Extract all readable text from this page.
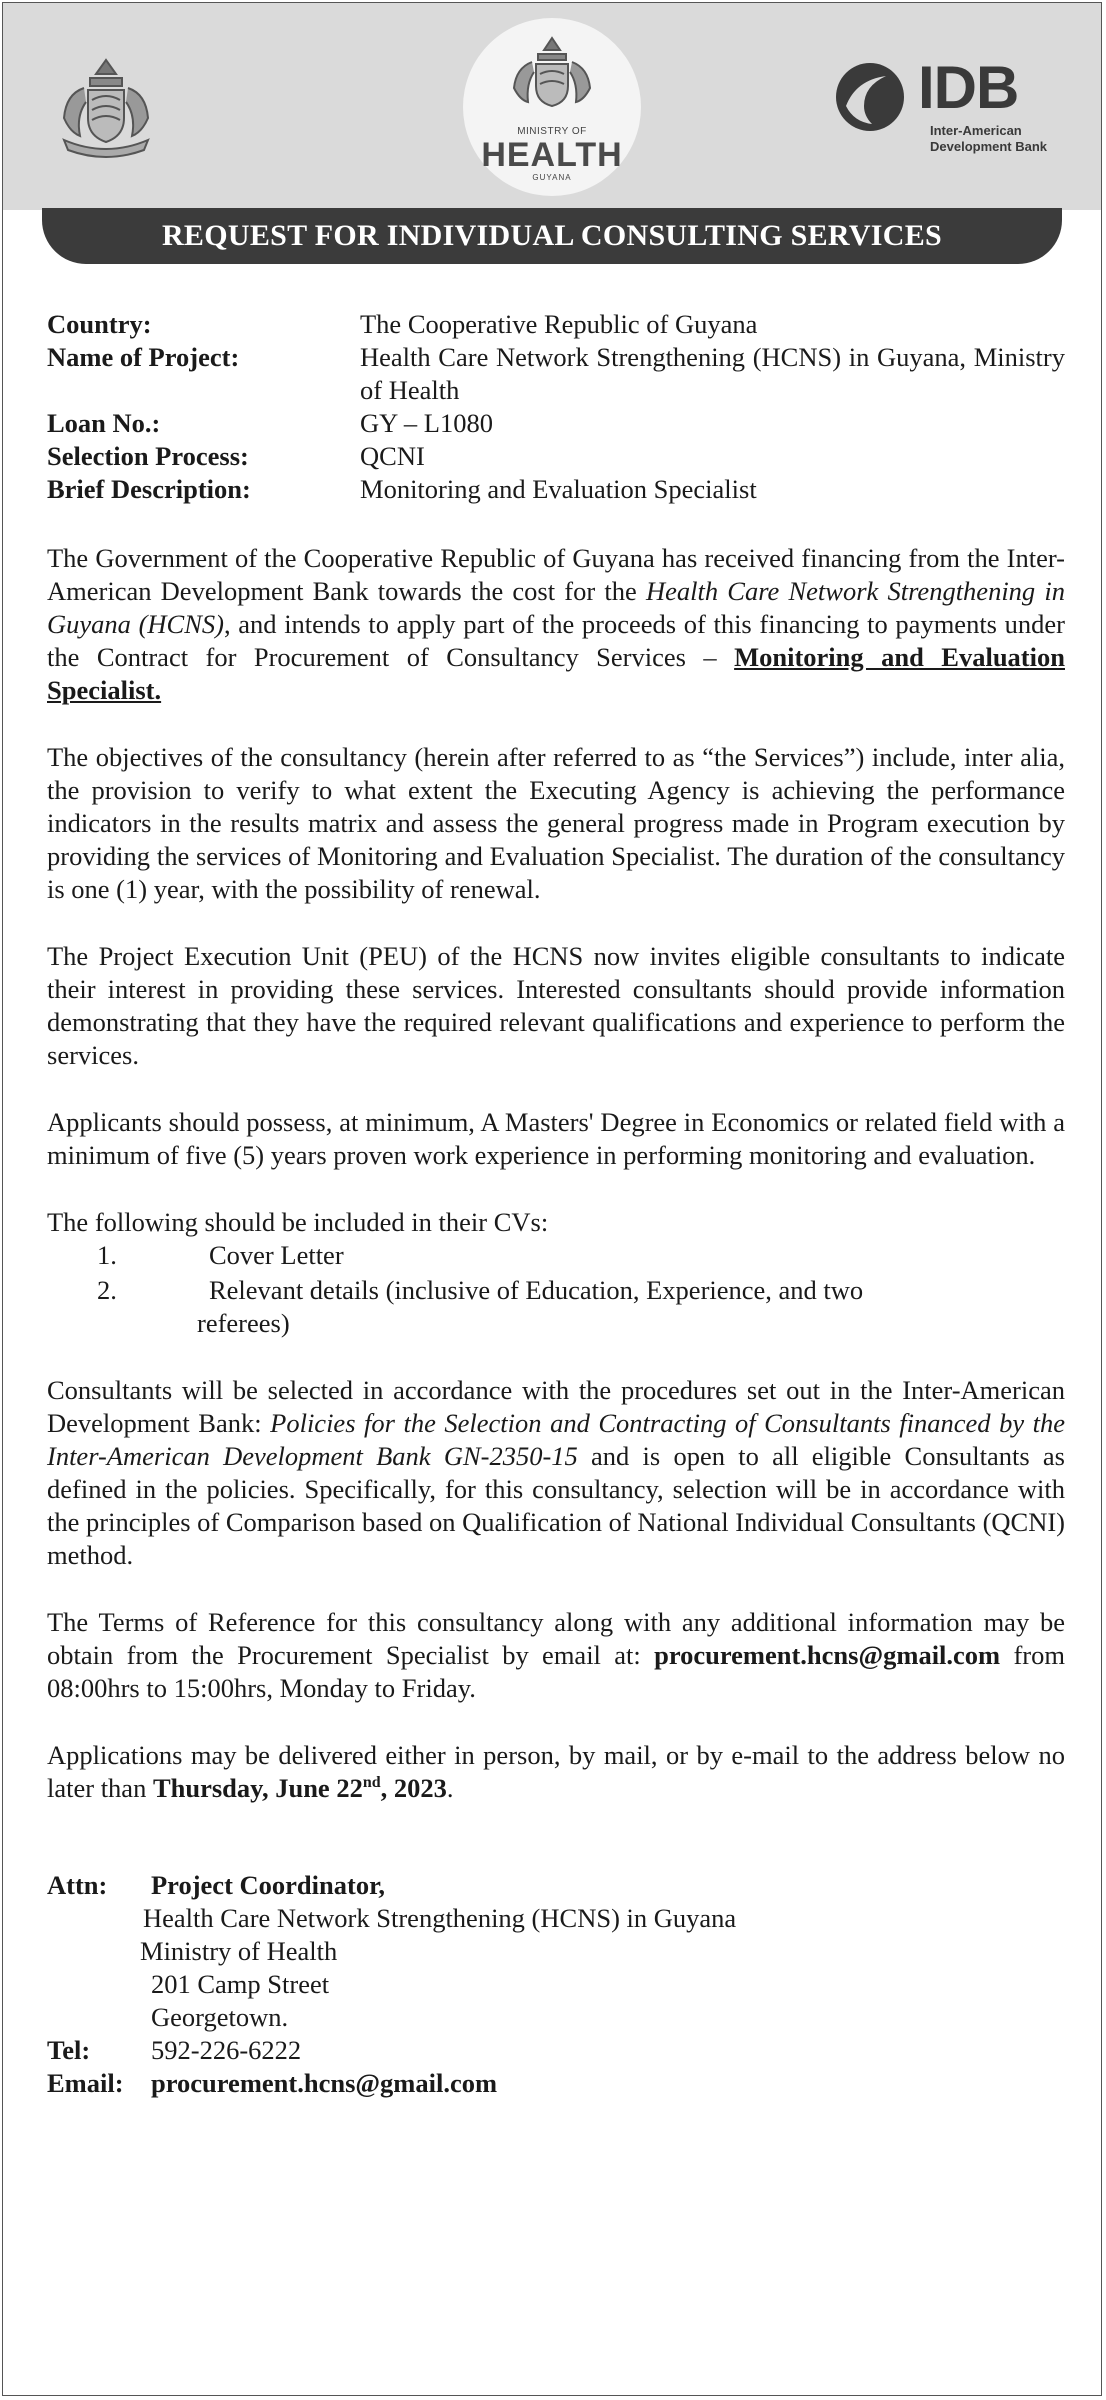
MINISTRY OF
HEALTH
GUYANA
IDB
Inter-American
Development Bank
REQUEST FOR INDIVIDUAL CONSULTING SERVICES
Country:	The Cooperative Republic of Guyana
Name of Project:	Health Care Network Strengthening (HCNS) in Guyana, Ministry of Health
Loan No.:	GY – L1080
Selection Process:	QCNI
Brief Description:	Monitoring and Evaluation Specialist

The Government of the Cooperative Republic of Guyana has received financing from the Inter-American Development Bank towards the cost for the Health Care Network Strengthening in Guyana (HCNS), and intends to apply part of the proceeds of this financing to payments under the Contract for Procurement of Consultancy Services – Monitoring and Evaluation Specialist.

The objectives of the consultancy (herein after referred to as “the Services”) include, inter alia, the provision to verify to what extent the Executing Agency is achieving the performance indicators in the results matrix and assess the general progress made in Program execution by providing the services of Monitoring and Evaluation Specialist. The duration of the consultancy is one (1) year, with the possibility of renewal.

The Project Execution Unit (PEU) of the HCNS now invites eligible consultants to indicate their interest in providing these services. Interested consultants should provide information demonstrating that they have the required relevant qualifications and experience to perform the services.

Applicants should possess, at minimum, A Masters' Degree in Economics or related field with a minimum of five (5) years proven work experience in performing monitoring and evaluation.

The following should be included in their CVs:

1.	Cover Letter
2.	Relevant details (inclusive of Education, Experience, and two
referees)

Consultants will be selected in accordance with the procedures set out in the Inter-American Development Bank: Policies for the Selection and Contracting of Consultants financed by the Inter-American Development Bank GN-2350-15 and is open to all eligible Consultants as defined in the policies. Specifically, for this consultancy, selection will be in accordance with the principles of Comparison based on Qualification of National Individual Consultants (QCNI) method.

The Terms of Reference for this consultancy along with any additional information may be obtain from the Procurement Specialist by email at: procurement.hcns@gmail.com from 08:00hrs to 15:00hrs, Monday to Friday.

Applications may be delivered either in person, by mail, or by e-mail to the address below no later than Thursday, June 22nd, 2023.

Attn: Project Coordinator,
Health Care Network Strengthening (HCNS) in Guyana
Ministry of Health
201 Camp Street
Georgetown.
Tel: 592-226-6222
Email: procurement.hcns@gmail.com
